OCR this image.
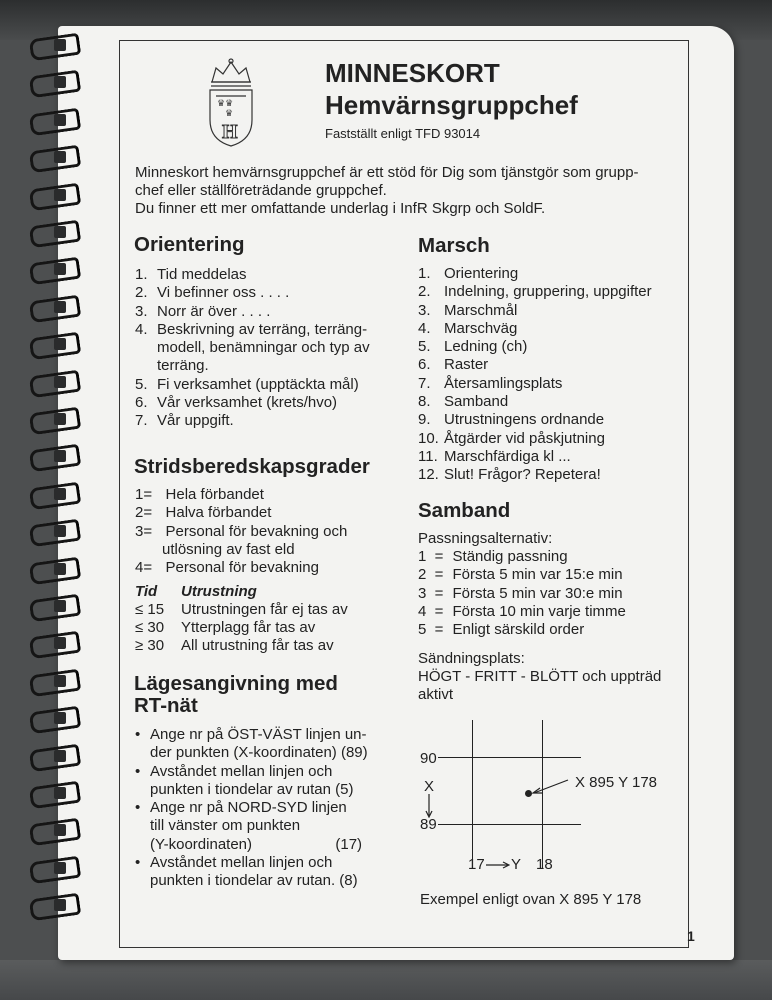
♛♛
♛
H
MINNESKORT
Hemvärnsgruppchef
Fastställt enligt TFD 93014
Minneskort hemvärnsgruppchef är ett stöd för Dig som tjänstgör som grupp-
chef eller ställföreträdande gruppchef.
Du finner ett mer omfattande underlag i InfR Skgrp och SoldF.
Orientering
1. Tid meddelas
2. Vi befinner oss . . . .
3. Norr är över . . . .
4. Beskrivning av terräng, terräng-
modell, benämningar och typ av
terräng.
5. Fi verksamhet (upptäckta mål)
6. Vår verksamhet (krets/hvo)
7. Vår uppgift.
Stridsberedskapsgrader
1= Hela förbandet
2= Halva förbandet
3= Personal för bevakning och
utlösning av fast eld
4= Personal för bevakning
Tid Utrustning
≤ 15 Utrustningen får ej tas av
≤ 30 Ytterplagg får tas av
≥ 30 All utrustning får tas av
Lägesangivning med
RT-nät
• Ange nr på ÖST-VÄST linjen un-
der punkten (X-koordinaten) (89)
• Avståndet mellan linjen och
punkten i tiondelar av rutan (5)
• Ange nr på NORD-SYD linjen
till vänster om punkten
(Y-koordinaten)                    (17)
• Avståndet mellan linjen och
punkten i tiondelar av rutan. (8)
Marsch
1. Orientering
2. Indelning, gruppering, uppgifter
3. Marschmål
4. Marschväg
5. Ledning (ch)
6. Raster
7. Återsamlingsplats
8. Samband
9. Utrustningens ordnande
10. Åtgärder vid påskjutning
11. Marschfärdiga kl ...
12. Slut! Frågor? Repetera!
Samband
Passningsalternativ:
1  = Ständig passning
2  = Första 5 min var 15:e min
3  = Första 5 min var 30:e min
4  = Första 10 min varje timme
5  = Enligt särskild order
Sändningsplats:
HÖGT - FRITT - BLÖTT och uppträd
aktivt
90
89
X	X 895 Y 178
17 Y 18
Exempel enligt ovan X 895 Y 178
1
